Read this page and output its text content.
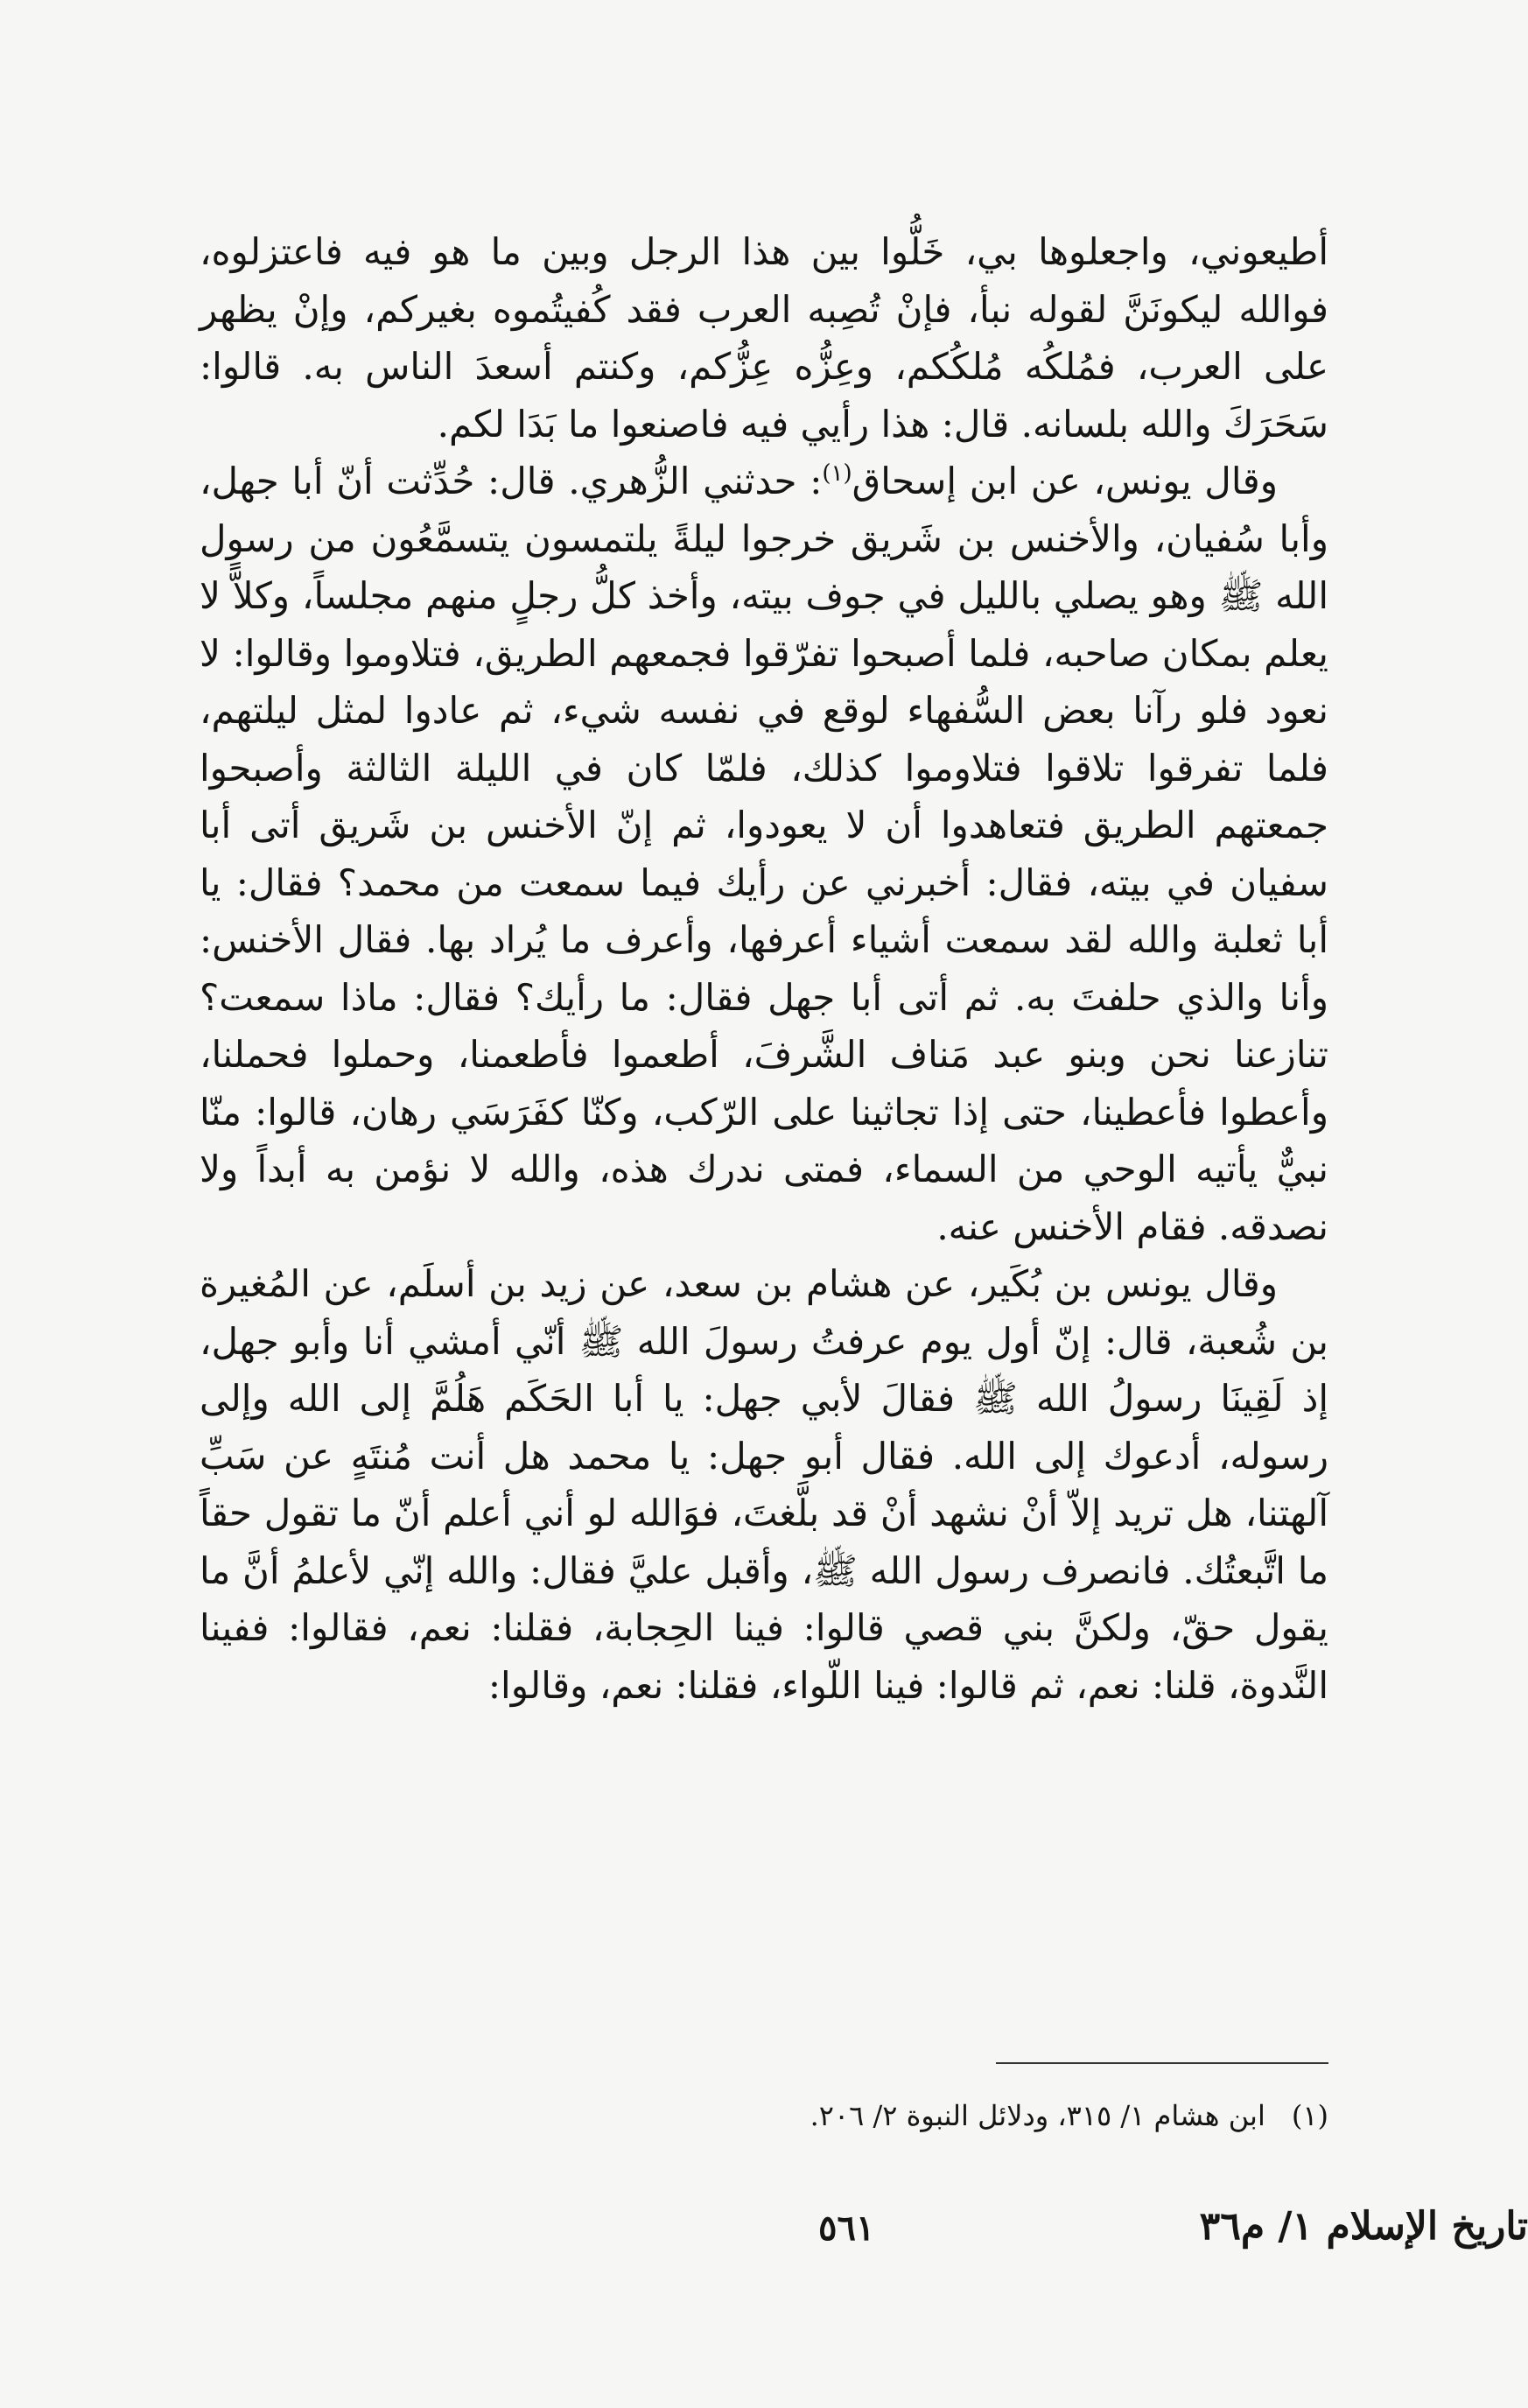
أطيعوني، واجعلوها بي، خَلُّوا بين هذا الرجل وبين ما هو فيه فاعتزلوه، فوالله ليكونَنَّ لقوله نبأ، فإنْ تُصِبه العرب فقد كُفيتُموه بغيركم، وإنْ يظهر على العرب، فمُلكُه مُلكُكم، وعِزُّه عِزُّكم، وكنتم أسعدَ الناس به. قالوا: سَحَرَكَ والله بلسانه. قال: هذا رأيي فيه فاصنعوا ما بَدَا لكم.

وقال يونس، عن ابن إسحاق$^{(١)}$: حدثني الزُّهري. قال: حُدِّثت أنّ أبا جهل، وأبا سُفيان، والأخنس بن شَريق خرجوا ليلةً يلتمسون يتسمَّعُون من رسول الله ﷺ وهو يصلي بالليل في جوف بيته، وأخذ كلُّ رجلٍ منهم مجلساً، وكلاًّ لا يعلم بمكان صاحبه، فلما أصبحوا تفرّقوا فجمعهم الطريق، فتلاوموا وقالوا: لا نعود فلو رآنا بعض السُّفهاء لوقع في نفسه شيء، ثم عادوا لمثل ليلتهم، فلما تفرقوا تلاقوا فتلاوموا كذلك، فلمّا كان في الليلة الثالثة وأصبحوا جمعتهم الطريق فتعاهدوا أن لا يعودوا، ثم إنّ الأخنس بن شَريق أتى أبا سفيان في بيته، فقال: أخبرني عن رأيك فيما سمعت من محمد؟ فقال: يا أبا ثعلبة والله لقد سمعت أشياء أعرفها، وأعرف ما يُراد بها. فقال الأخنس: وأنا والذي حلفتَ به. ثم أتى أبا جهل فقال: ما رأيك؟ فقال: ماذا سمعت؟ تنازعنا نحن وبنو عبد مَناف الشَّرفَ، أطعموا فأطعمنا، وحملوا فحملنا، وأعطوا فأعطينا، حتى إذا تجاثينا على الرّكب، وكنّا كفَرَسَي رهان، قالوا: منّا نبيٌّ يأتيه الوحي من السماء، فمتى ندرك هذه، والله لا نؤمن به أبداً ولا نصدقه. فقام الأخنس عنه.

وقال يونس بن بُكَير، عن هشام بن سعد، عن زيد بن أسلَم، عن المُغيرة بن شُعبة، قال: إنّ أول يوم عرفتُ رسولَ الله ﷺ أنّي أمشي أنا وأبو جهل، إذ لَقِينَا رسولُ الله ﷺ فقالَ لأبي جهل: يا أبا الحَكَم هَلُمَّ إلى الله وإلى رسوله، أدعوك إلى الله. فقال أبو جهل: يا محمد هل أنت مُنتَهٍ عن سَبِّ آلهتنا، هل تريد إلاّ أنْ نشهد أنْ قد بلَّغتَ، فوَالله لو أني أعلم أنّ ما تقول حقاً ما اتَّبعتُك. فانصرف رسول الله ﷺ، وأقبل عليَّ فقال: والله إنّي لأعلمُ أنَّ ما يقول حقّ، ولكنَّ بني قصي قالوا: فينا الحِجابة، فقلنا: نعم، فقالوا: ففينا النَّدوة، قلنا: نعم، ثم قالوا: فينا اللّواء، فقلنا: نعم، وقالوا:

(١)ابن هشام ١/ ٣١٥، ودلائل النبوة ٢/ ٢٠٦.
٥٦١	تاريخ الإسلام ١/ م٣٦
